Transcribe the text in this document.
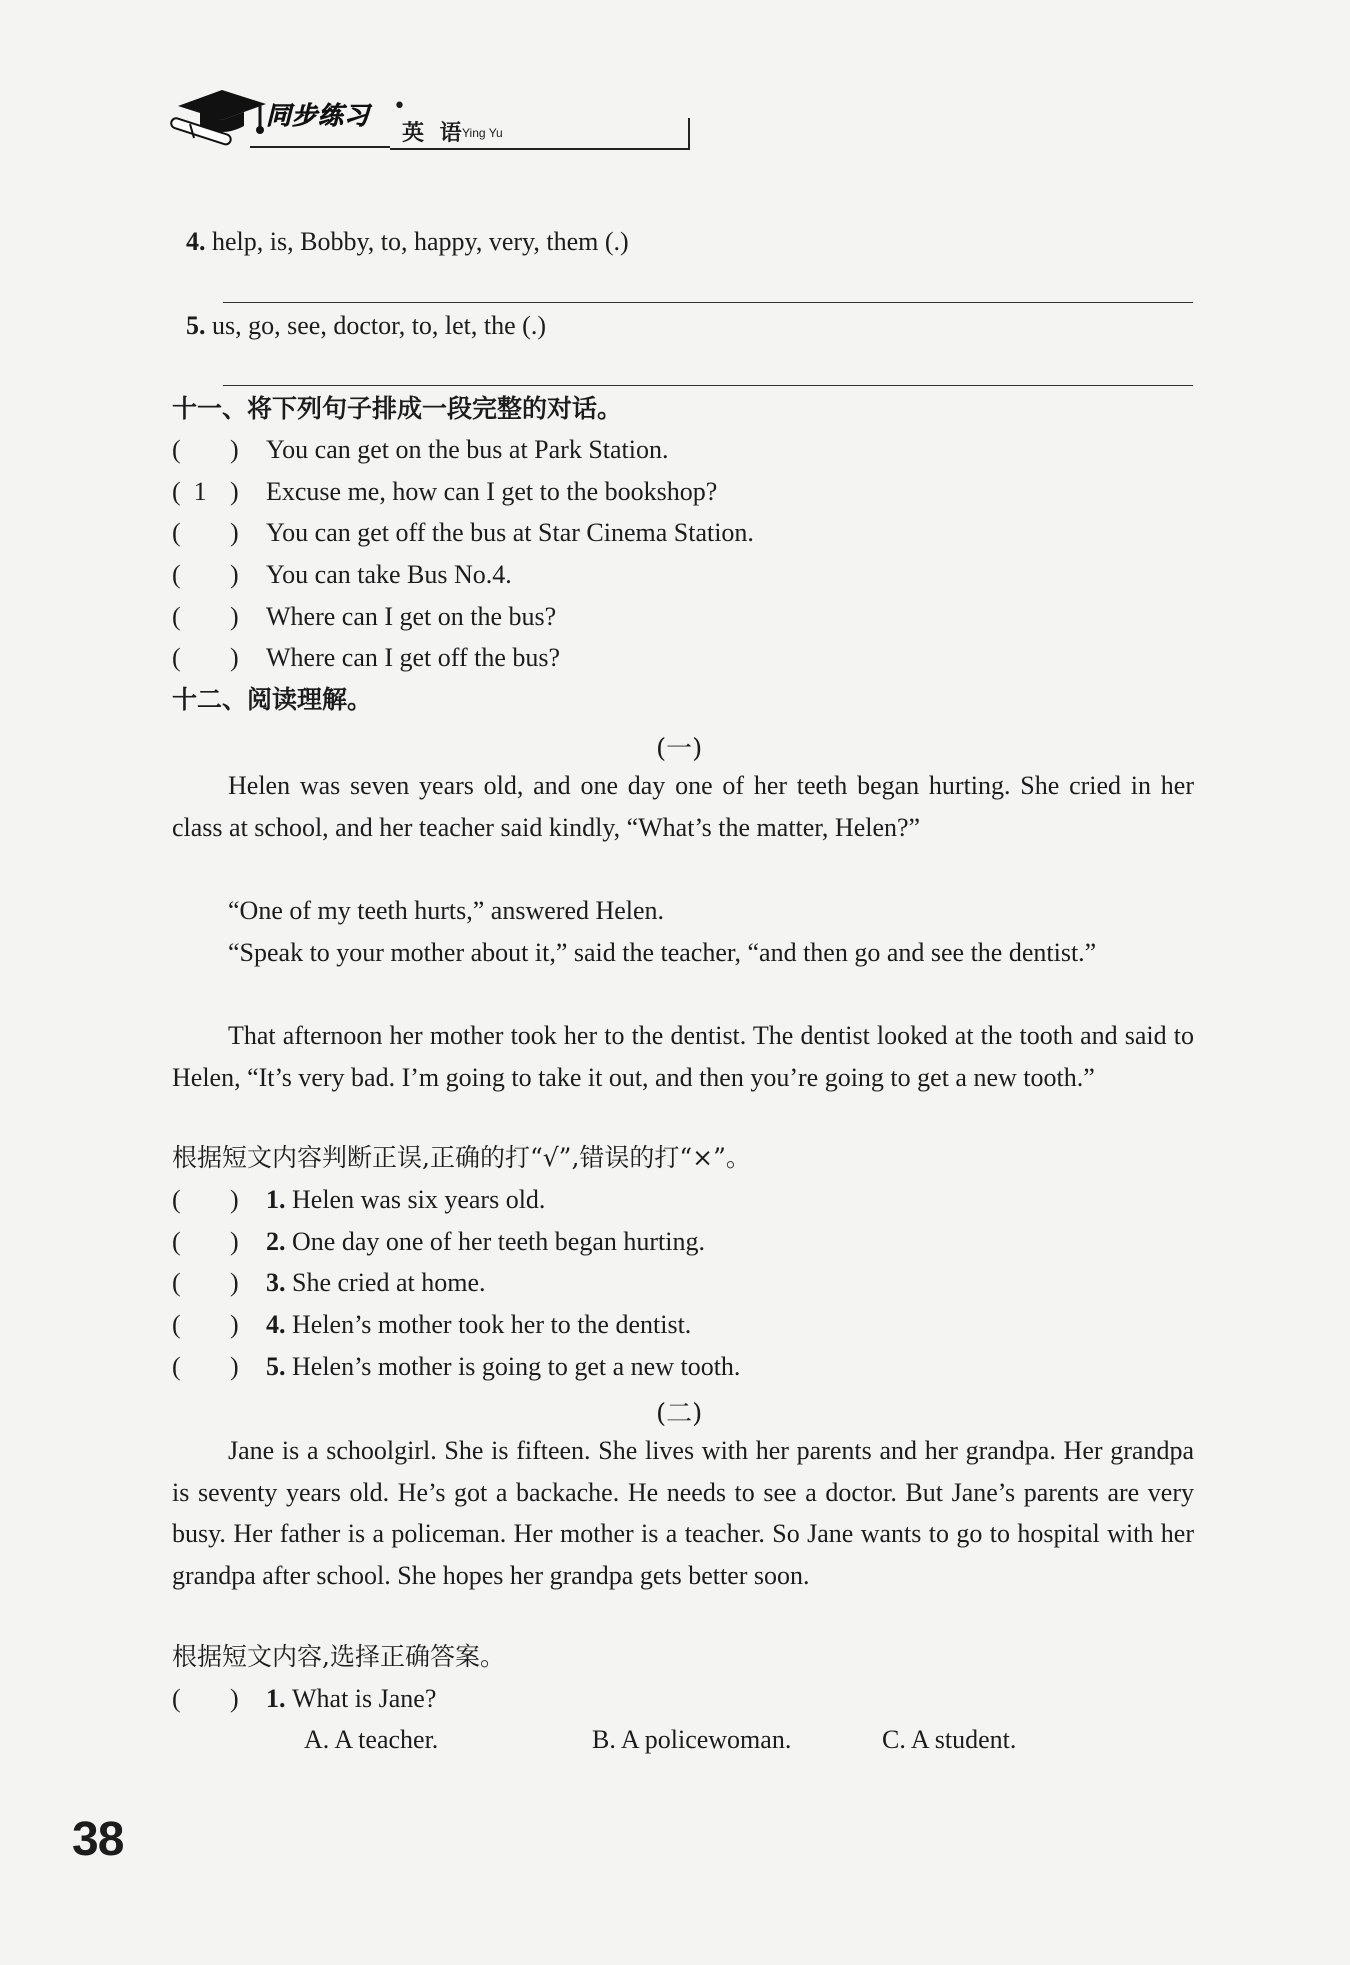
同步练习 •
英 语
Ying Yu
4. help, is, Bobby, to, happy, very, them (.)
5. us, go, see, doctor, to, let, the (.)
十一、将下列句子排成一段完整的对话。
( ) You can get on the bus at Park Station.
(  1 ) Excuse me, how can I get to the bookshop?
( ) You can get off the bus at Star Cinema Station.
( ) You can take Bus No.4.
( ) Where can I get on the bus?
( ) Where can I get off the bus?
十二、阅读理解。
(一)
Helen was seven years old, and one day one of her teeth began hurting. She cried in her class at school, and her teacher said kindly, “What’s the matter, Helen?”
“One of my teeth hurts,” answered Helen.
“Speak to your mother about it,” said the teacher, “and then go and see the dentist.”
That afternoon her mother took her to the dentist. The dentist looked at the tooth and said to Helen, “It’s very bad. I’m going to take it out, and then you’re going to get a new tooth.”
根据短文内容判断正误,正确的打“√”,错误的打“×”。
( ) 1. Helen was six years old.
( ) 2. One day one of her teeth began hurting.
( ) 3. She cried at home.
( ) 4. Helen’s mother took her to the dentist.
( ) 5. Helen’s mother is going to get a new tooth.
(二)
Jane is a schoolgirl. She is fifteen. She lives with her parents and her grandpa. Her grandpa is seventy years old. He’s got a backache. He needs to see a doctor. But Jane’s parents are very busy. Her father is a policeman. Her mother is a teacher. So Jane wants to go to hospital with her grandpa after school. She hopes her grandpa gets better soon.
根据短文内容,选择正确答案。
( ) 1. What is Jane?
A. A teacher.	B. A policewoman.	C. A student.
38
